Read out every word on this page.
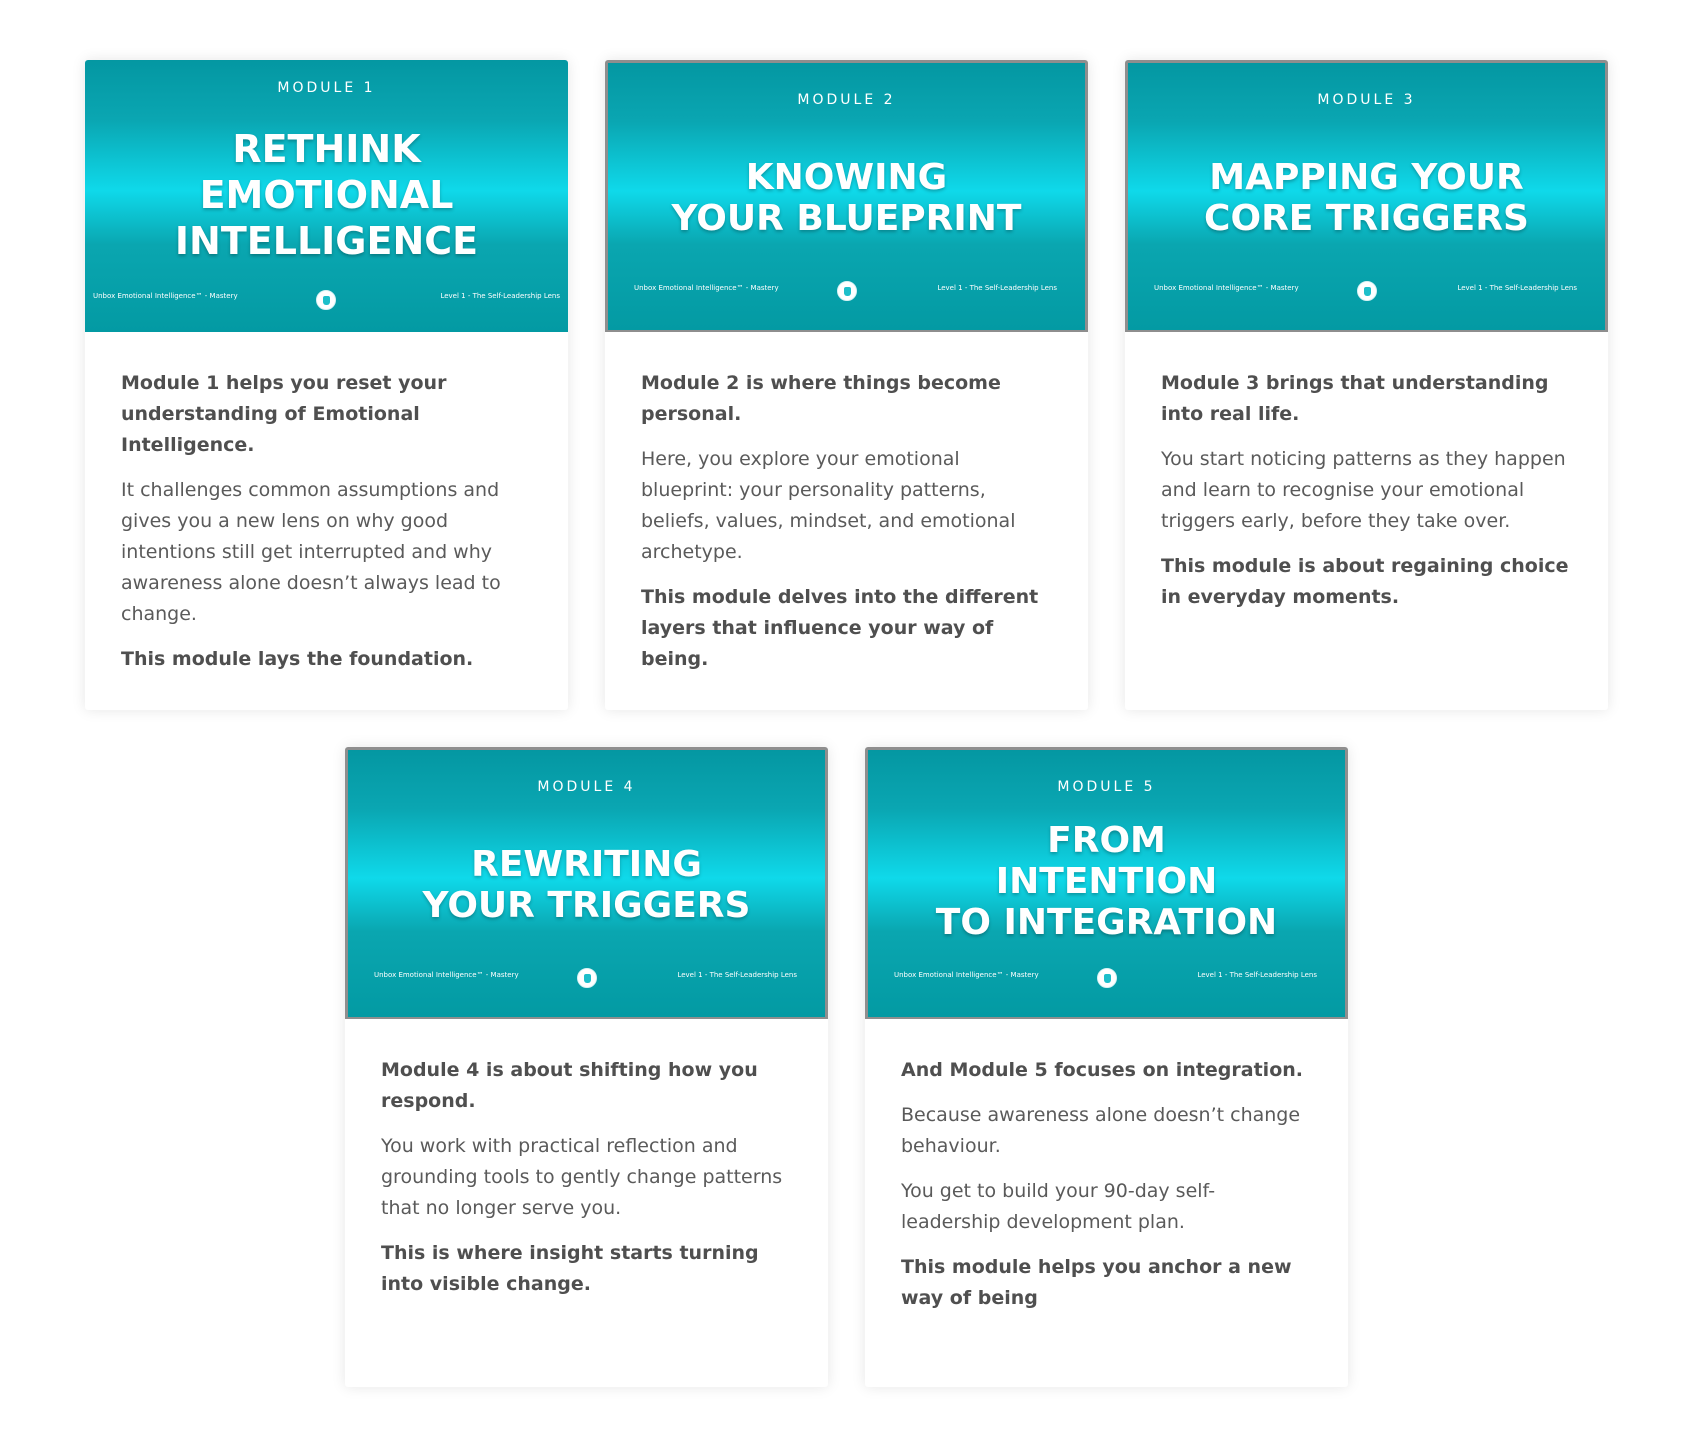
MODULE 1
RETHINK
EMOTIONAL
INTELLIGENCE
Unbox Emotional Intelligence™ - Mastery	Level 1 - The Self-Leadership Lens

Module 1 helps you reset your understanding of Emotional Intelligence.

It challenges common assumptions and gives you a new lens on why good intentions still get interrupted and why awareness alone doesn’t always lead to change.

This module lays the foundation.

MODULE 2
KNOWING
YOUR BLUEPRINT
Unbox Emotional Intelligence™ - Mastery	Level 1 - The Self-Leadership Lens

Module 2 is where things become personal.

Here, you explore your emotional blueprint: your personality patterns, beliefs, values, mindset, and emotional archetype.

This module delves into the different layers that influence your way of being.

MODULE 3
MAPPING YOUR
CORE TRIGGERS
Unbox Emotional Intelligence™ - Mastery	Level 1 - The Self-Leadership Lens

Module 3 brings that understanding into real life.

You start noticing patterns as they happen and learn to recognise your emotional triggers early, before they take over.

This module is about regaining choice in everyday moments.

MODULE 4
REWRITING
YOUR TRIGGERS
Unbox Emotional Intelligence™ - Mastery	Level 1 - The Self-Leadership Lens

Module 4 is about shifting how you respond.

You work with practical reflection and grounding tools to gently change patterns that no longer serve you.

This is where insight starts turning into visible change.

MODULE 5
FROM
INTENTION
TO INTEGRATION
Unbox Emotional Intelligence™ - Mastery	Level 1 - The Self-Leadership Lens

And Module 5 focuses on integration.

Because awareness alone doesn’t change behaviour.

You get to build your 90-day self-leadership development plan.

This module helps you anchor a new way of being
